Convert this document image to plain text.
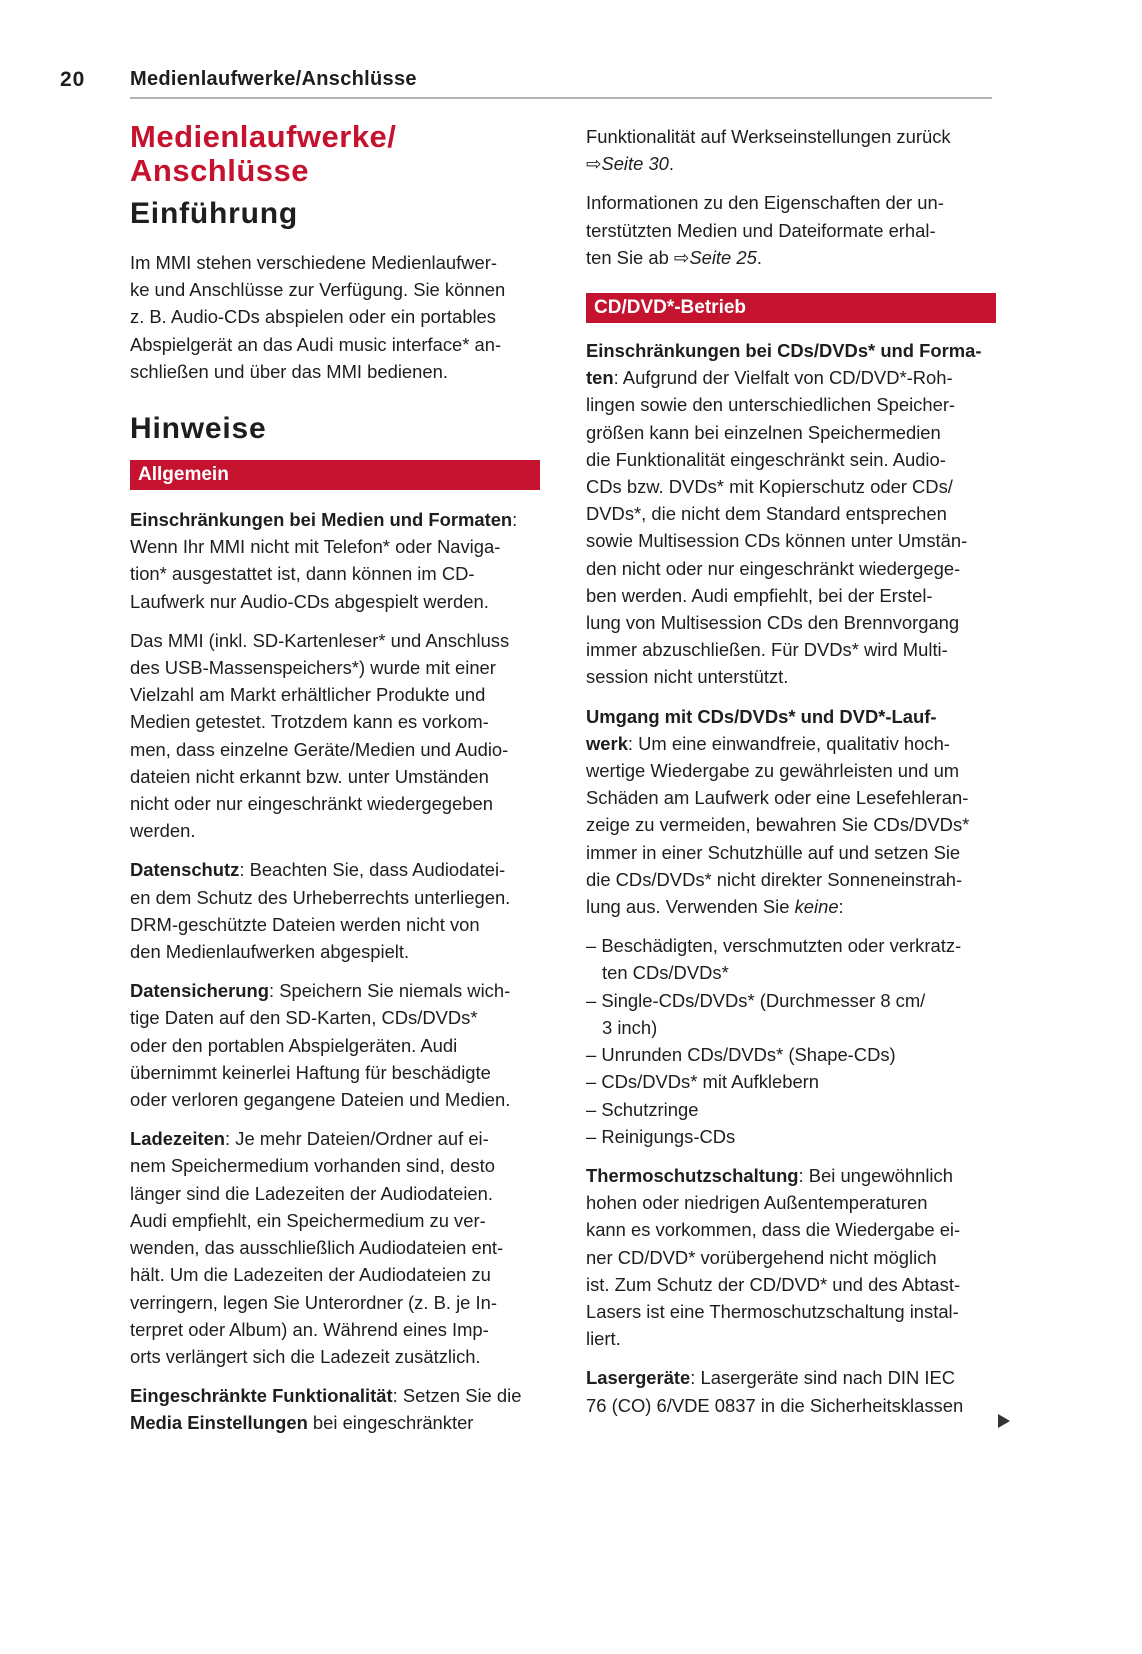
20 Medienlaufwerke/Anschlüsse
Medienlaufwerke/
Anschlüsse
Einführung
Im MMI stehen verschiedene Medienlaufwer-
ke und Anschlüsse zur Verfügung. Sie können
z. B. Audio-CDs abspielen oder ein portables
Abspielgerät an das Audi music interface* an-
schließen und über das MMI bedienen.
Hinweise
Allgemein
Einschränkungen bei Medien und Formaten:
Wenn Ihr MMI nicht mit Telefon* oder Naviga-
tion* ausgestattet ist, dann können im CD-
Laufwerk nur Audio-CDs abgespielt werden.
Das MMI (inkl. SD-Kartenleser* und Anschluss
des USB-Massenspeichers*) wurde mit einer
Vielzahl am Markt erhältlicher Produkte und
Medien getestet. Trotzdem kann es vorkom-
men, dass einzelne Geräte/Medien und Audio-
dateien nicht erkannt bzw. unter Umständen
nicht oder nur eingeschränkt wiedergegeben
werden.
Datenschutz: Beachten Sie, dass Audiodatei-
en dem Schutz des Urheberrechts unterliegen.
DRM-geschützte Dateien werden nicht von
den Medienlaufwerken abgespielt.
Datensicherung: Speichern Sie niemals wich-
tige Daten auf den SD-Karten, CDs/DVDs*
oder den portablen Abspielgeräten. Audi
übernimmt keinerlei Haftung für beschädigte
oder verloren gegangene Dateien und Medien.
Ladezeiten: Je mehr Dateien/Ordner auf ei-
nem Speichermedium vorhanden sind, desto
länger sind die Ladezeiten der Audiodateien.
Audi empfiehlt, ein Speichermedium zu ver-
wenden, das ausschließlich Audiodateien ent-
hält. Um die Ladezeiten der Audiodateien zu
verringern, legen Sie Unterordner (z. B. je In-
terpret oder Album) an. Während eines Imp-
orts verlängert sich die Ladezeit zusätzlich.
Eingeschränkte Funktionalität: Setzen Sie die
Media Einstellungen bei eingeschränkter
Funktionalität auf Werkseinstellungen zurück
⇨Seite 30.
Informationen zu den Eigenschaften der un-
terstützten Medien und Dateiformate erhal-
ten Sie ab ⇨Seite 25.
CD/DVD*-Betrieb
Einschränkungen bei CDs/DVDs* und Forma-
ten: Aufgrund der Vielfalt von CD/DVD*-Roh-
lingen sowie den unterschiedlichen Speicher-
größen kann bei einzelnen Speichermedien
die Funktionalität eingeschränkt sein. Audio-
CDs bzw. DVDs* mit Kopierschutz oder CDs/
DVDs*, die nicht dem Standard entsprechen
sowie Multisession CDs können unter Umstän-
den nicht oder nur eingeschränkt wiedergege-
ben werden. Audi empfiehlt, bei der Erstel-
lung von Multisession CDs den Brennvorgang
immer abzuschließen. Für DVDs* wird Multi-
session nicht unterstützt.
Umgang mit CDs/DVDs* und DVD*-Lauf-
werk: Um eine einwandfreie, qualitativ hoch-
wertige Wiedergabe zu gewährleisten und um
Schäden am Laufwerk oder eine Lesefehleran-
zeige zu vermeiden, bewahren Sie CDs/DVDs*
immer in einer Schutzhülle auf und setzen Sie
die CDs/DVDs* nicht direkter Sonneneinstrah-
lung aus. Verwenden Sie keine:
– Beschädigten, verschmutzten oder verkratz-
ten CDs/DVDs*
– Single-CDs/DVDs* (Durchmesser 8 cm/
3 inch)
– Unrunden CDs/DVDs* (Shape-CDs)
– CDs/DVDs* mit Aufklebern
– Schutzringe
– Reinigungs-CDs
Thermoschutzschaltung: Bei ungewöhnlich
hohen oder niedrigen Außentemperaturen
kann es vorkommen, dass die Wiedergabe ei-
ner CD/DVD* vorübergehend nicht möglich
ist. Zum Schutz der CD/DVD* und des Abtast-
Lasers ist eine Thermoschutzschaltung instal-
liert.
Lasergeräte: Lasergeräte sind nach DIN IEC
76 (CO) 6/VDE 0837 in die Sicherheitsklassen
